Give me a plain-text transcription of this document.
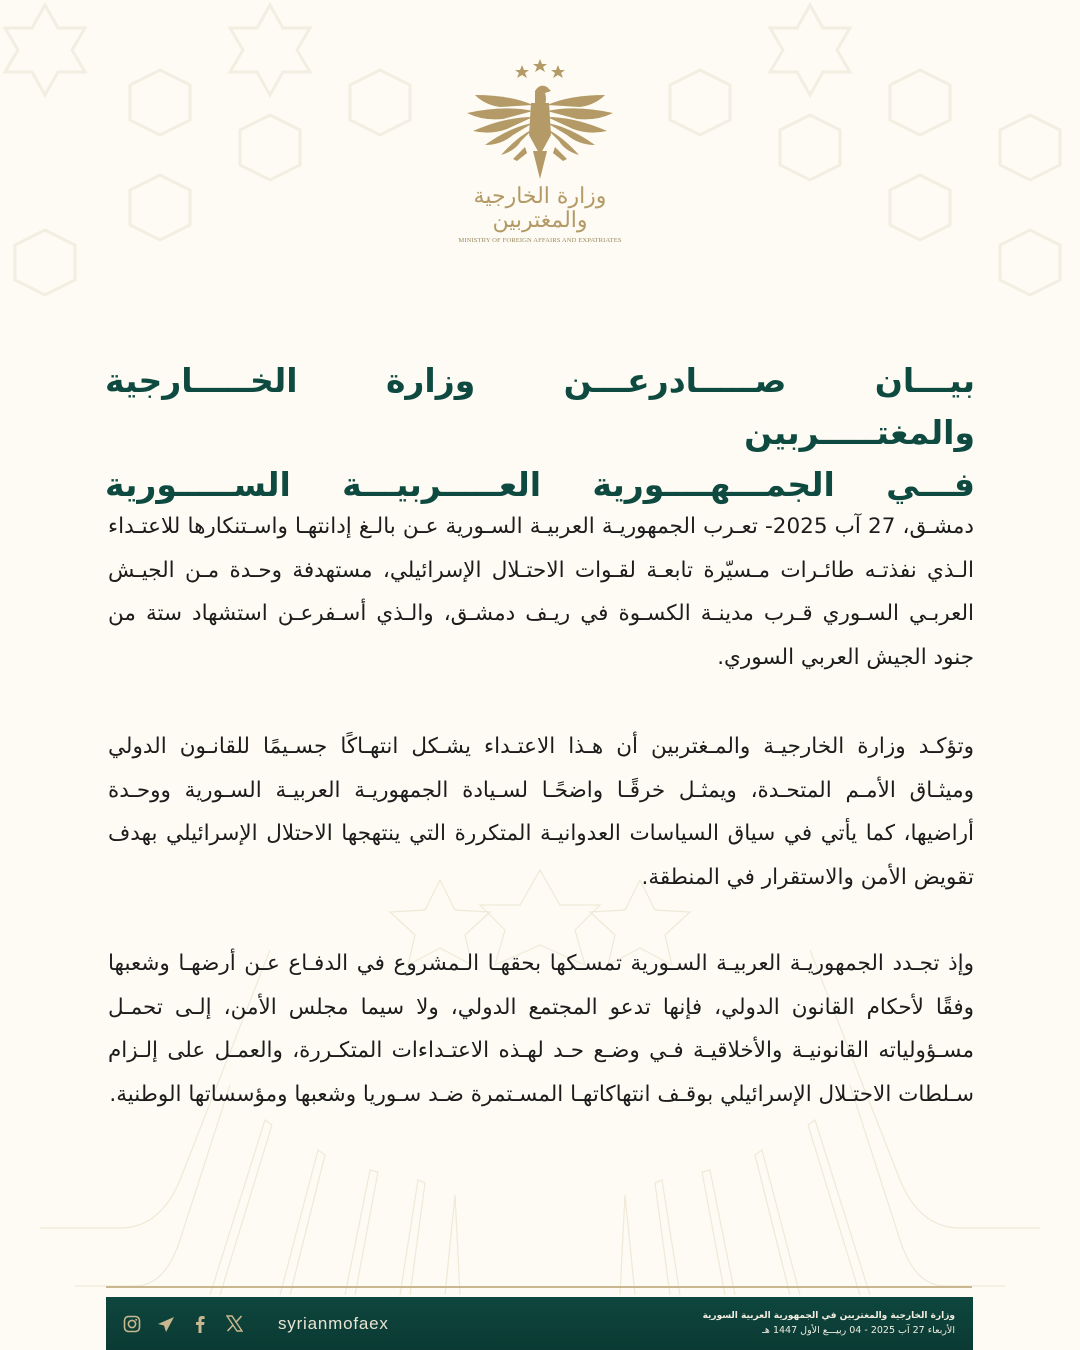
وزارة الخارجية والمغتربين
MINISTRY OF FOREIGN AFFAIRS AND EXPATRIATES
بيـــان صـــــادرعـــن وزارة الخـــــارجية والمغتـــــربين
فـــي الجمـــهــــورية العـــــربيـــة الســـــورية

دمشـق، 27 آب 2025- تعـرب الجمهوريـة العربيـة السـورية عـن بالـغ إدانتهـا واسـتنكارها للاعتـداء الـذي نفذتـه طائـرات مـسيّرة تابعـة لقـوات الاحتـلال الإسرائيلي، مستهدفة وحـدة مـن الجيـش العربـي السـوري قـرب مدينـة الكسـوة في ريـف دمشـق، والـذي أسـفرعـن استشهاد ستة من جنود الجيش العربي السوري.

وتؤكـد وزارة الخارجيـة والمـغتربين أن هـذا الاعتـداء يشـكل انتهـاكًا جسـيمًا للقانـون الدولي وميثـاق الأمـم المتحـدة، ويمثـل خرقًـا واضحًـا لسـيادة الجمهوريـة العربيـة السـورية ووحـدة أراضيها، كما يأتي في سياق السياسات العدوانيـة المتكررة التي ينتهجها الاحتلال الإسرائيلي بهدف تقويض الأمن والاستقرار في المنطقة.

وإذ تجـدد الجمهوريـة العربيـة السـورية تمسـكها بحقهـا الـمشروع في الدفـاع عـن أرضهـا وشعبها وفقًا لأحكام القانون الدولي، فإنها تدعو المجتمع الدولي، ولا سيما مجلس الأمن، إلـى تحمـل مسـؤولياته القانونيـة والأخلاقيـة فـي وضـع حـد لهـذه الاعتـداءات المتكـررة، والعمـل على إلـزام سـلطات الاحتـلال الإسرائيلي بوقـف انتهاكاتهـا المسـتمرة ضـد سـوريا وشعبها ومؤسساتها الوطنية.

syrianmofaex	وزارة الخارجية والمغتربين في الجمهورية العربية السورية
الأربعاء 27 آب 2025 - 04 ربيـــع الأول 1447 هـ
